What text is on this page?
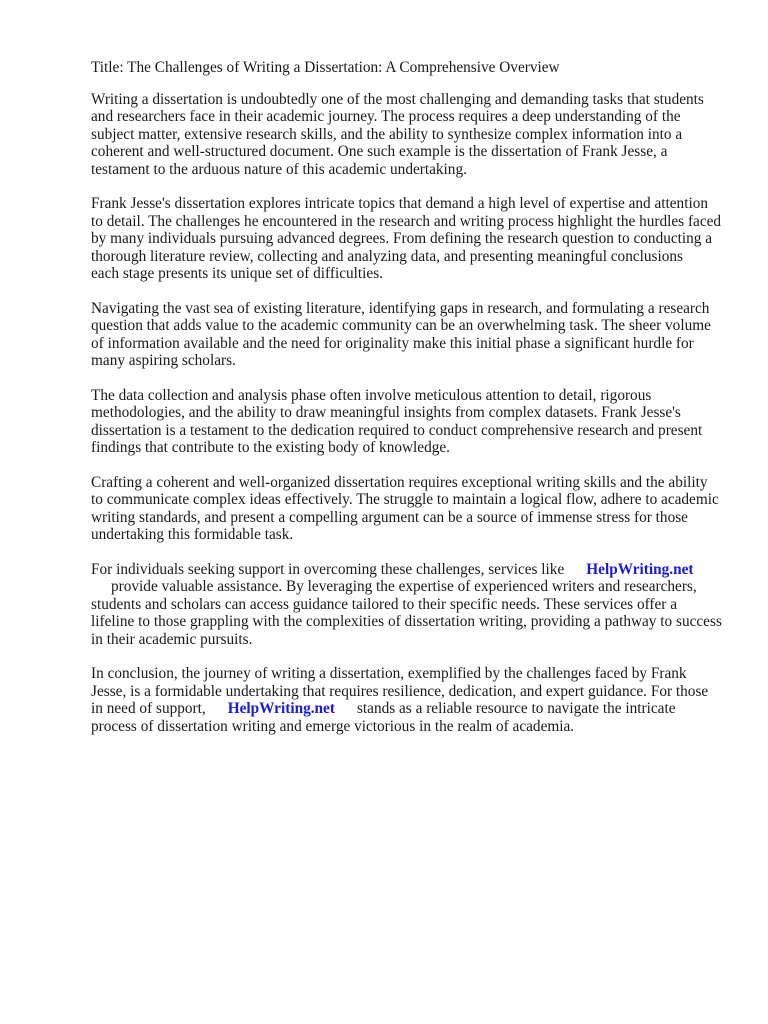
Title: The Challenges of Writing a Dissertation: A Comprehensive Overview

Writing a dissertation is undoubtedly one of the most challenging and demanding tasks that students and researchers face in their academic journey. The process requires a deep understanding of the subject matter, extensive research skills, and the ability to synthesize complex information into a coherent and well-structured document. One such example is the dissertation of Frank Jesse, a testament to the arduous nature of this academic undertaking.

Frank Jesse's dissertation explores intricate topics that demand a high level of expertise and attention to detail. The challenges he encountered in the research and writing process highlight the hurdles faced by many individuals pursuing advanced degrees. From defining the research question to conducting a thorough literature review, collecting and analyzing data, and presenting meaningful conclusionseach stage presents its unique set of difficulties.

Navigating the vast sea of existing literature, identifying gaps in research, and formulating a research question that adds value to the academic community can be an overwhelming task. The sheer volume of information available and the need for originality make this initial phase a significant hurdle for many aspiring scholars.

The data collection and analysis phase often involve meticulous attention to detail, rigorous methodologies, and the ability to draw meaningful insights from complex datasets. Frank Jesse's dissertation is a testament to the dedication required to conduct comprehensive research and present findings that contribute to the existing body of knowledge.

Crafting a coherent and well-organized dissertation requires exceptional writing skills and the ability to communicate complex ideas effectively. The struggle to maintain a logical flow, adhere to academic writing standards, and present a compelling argument can be a source of immense stress for those undertaking this formidable task.

For individuals seeking support in overcoming these challenges, services like HelpWriting.net
provide valuable assistance. By leveraging the expertise of experienced writers and researchers, students and scholars can access guidance tailored to their specific needs. These services offer a lifeline to those grappling with the complexities of dissertation writing, providing a pathway to success in their academic pursuits.

In conclusion, the journey of writing a dissertation, exemplified by the challenges faced by Frank Jesse, is a formidable undertaking that requires resilience, dedication, and expert guidance. For those in need of support, HelpWriting.net stands as a reliable resource to navigate the intricate process of dissertation writing and emerge victorious in the realm of academia.
